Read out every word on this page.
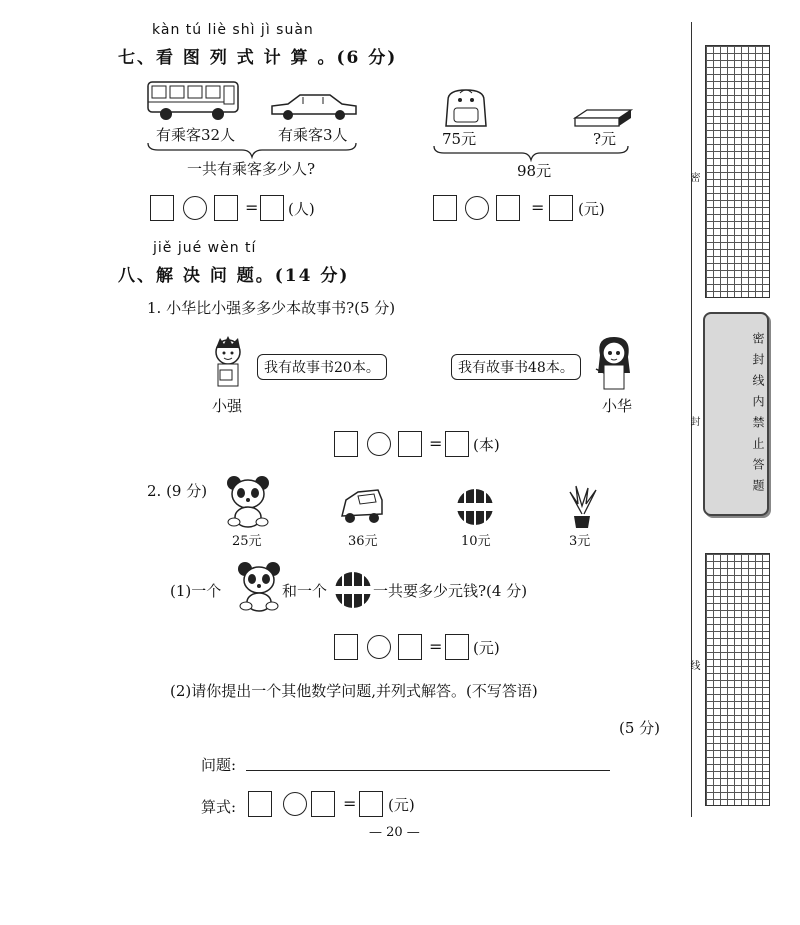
kàn tú liè shì jì suàn
七、看 图 列 式 计 算 。(6 分)
有乘客32人	有乘客3人
一共有乘客多少人?
= (人)
75元	?元
98元
= (元)
jiě jué wèn tí
八、解 决 问 题。(14 分)
1. 小华比小强多多少本故事书?(5 分)
我有故事书20本。
小强
我有故事书48本。
小华
= (本)
2. (9 分)
25元	36元	10元	3元
(1)一个	和一个	一共要多少元钱?(4 分)
= (元)
(2)请你提出一个其他数学问题,并列式解答。(不写答语)
(5 分)
问题:
算式:	= (元)
— 20 —
密
封
线
密封线内禁止答题
